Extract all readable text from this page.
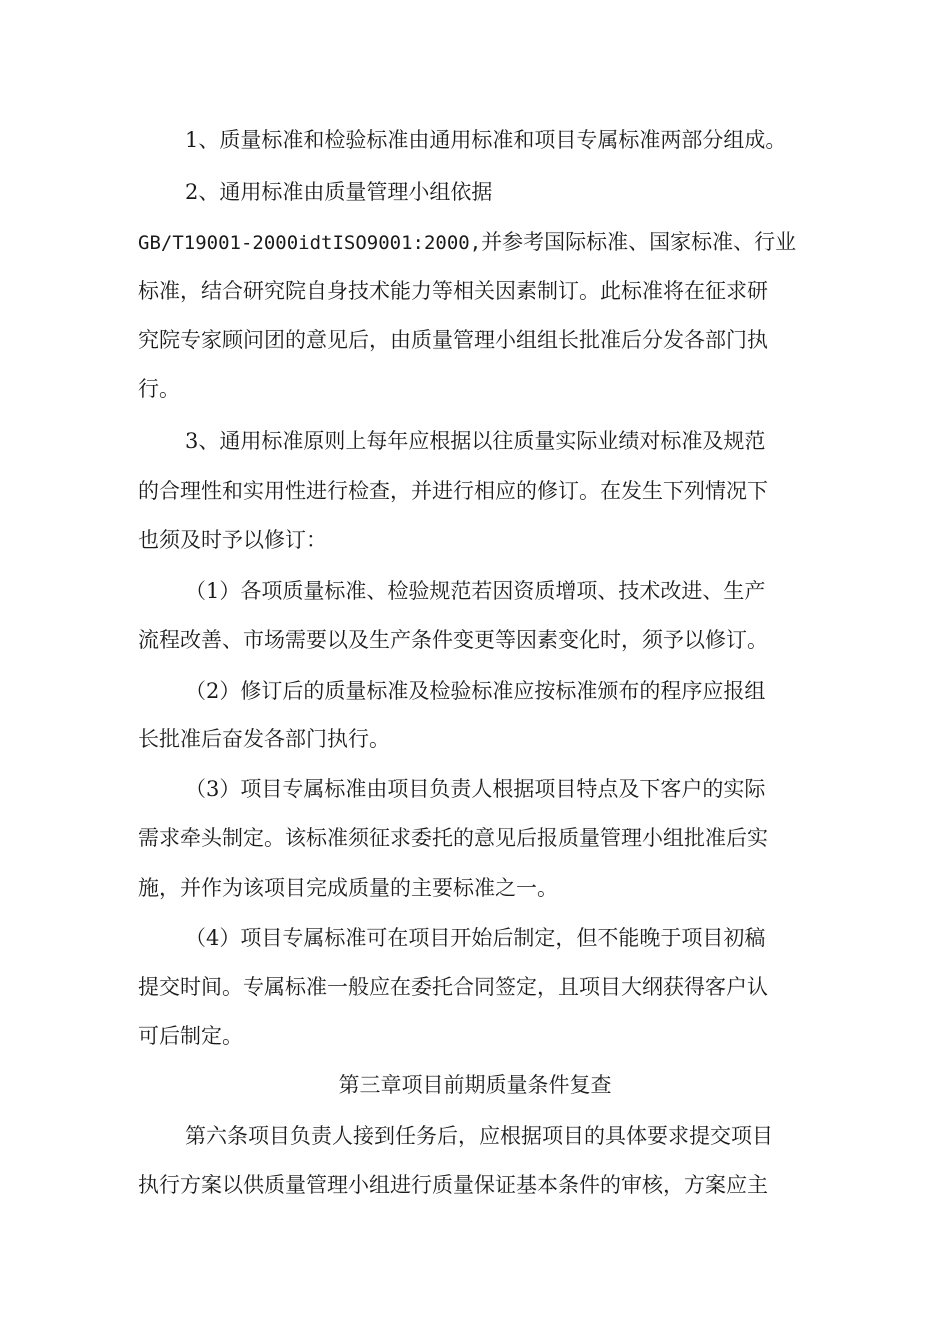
1、质量标准和检验标准由通用标准和项目专属标准两部分组成。

2、通用标准由质量管理小组依据

GB/T19001-2000idtISO9001:2000,并参考国际标准、国家标准、行业

标准，结合研究院自身技术能力等相关因素制订。此标准将在征求研

究院专家顾问团的意见后，由质量管理小组组长批准后分发各部门执

行。

3、通用标准原则上每年应根据以往质量实际业绩对标准及规范

的合理性和实用性进行检查，并进行相应的修订。在发生下列情况下

也须及时予以修订：

（1）各项质量标准、检验规范若因资质增项、技术改进、生产

流程改善、市场需要以及生产条件变更等因素变化时，须予以修订。

（2）修订后的质量标准及检验标准应按标准颁布的程序应报组

长批准后奋发各部门执行。

（3）项目专属标准由项目负责人根据项目特点及下客户的实际

需求牵头制定。该标准须征求委托的意见后报质量管理小组批准后实

施，并作为该项目完成质量的主要标准之一。

（4）项目专属标准可在项目开始后制定，但不能晚于项目初稿

提交时间。专属标准一般应在委托合同签定，且项目大纲获得客户认

可后制定。

第三章项目前期质量条件复查

第六条项目负责人接到任务后，应根据项目的具体要求提交项目

执行方案以供质量管理小组进行质量保证基本条件的审核，方案应主
